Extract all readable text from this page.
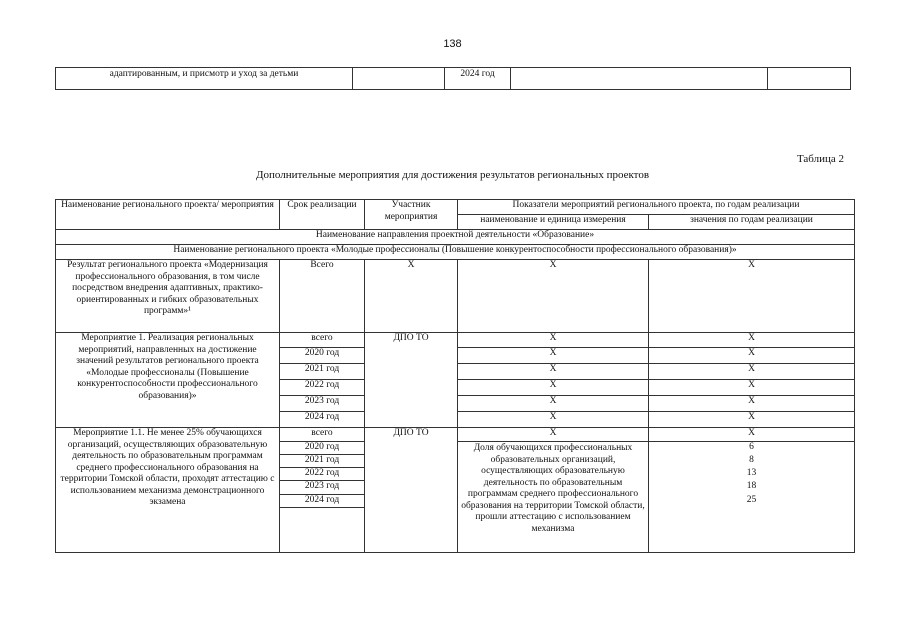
138
адаптированным, и присмотр и уход за детьми		2024 год		
Таблица 2
Дополнительные мероприятия для достижения результатов региональных проектов
Наименование регионального проекта/ мероприятия	Срок реализации	Участник мероприятия	Показатели мероприятий регионального проекта, по годам реализации	
			наименование и единица измерения	значения по годам реализации
Наименование направления проектной деятельности «Образование»				
Наименование регионального проекта «Молодые профессионалы (Повышение конкурентоспособности профессионального образования)»				
Результат регионального проекта «Модернизация профессионального образования, в том числе посредством внедрения адаптивных, практико-ориентированных и гибких образовательных программ»¹	Всего	X	X	X
Мероприятие 1. Реализация региональных мероприятий, направленных на достижение значений результатов регионального проекта «Молодые профессионалы (Повышение конкурентоспособности профессионального образования)»	всего	ДПО ТО	X	X
	2020 год		X	X
	2021 год		X	X
	2022 год		X	X
	2023 год		X	X
	2024 год		X	X
Мероприятие 1.1. Не менее 25% обучающихся организаций, осуществляющих образовательную деятельность по образовательным программам среднего профессионального образования на территории Томской области, проходят аттестацию с использованием механизма демонстрационного экзамена	всего	ДПО ТО	X	X
	2020 год		Доля обучающихся профессиональных образовательных организаций, осуществляющих образовательную деятельность по образовательным программам среднего профессионального образования на территории Томской области, прошли аттестацию с использованием механизма	6
	2021 год			8
	2022 год			13
	2023 год			18
	2024 год			25
